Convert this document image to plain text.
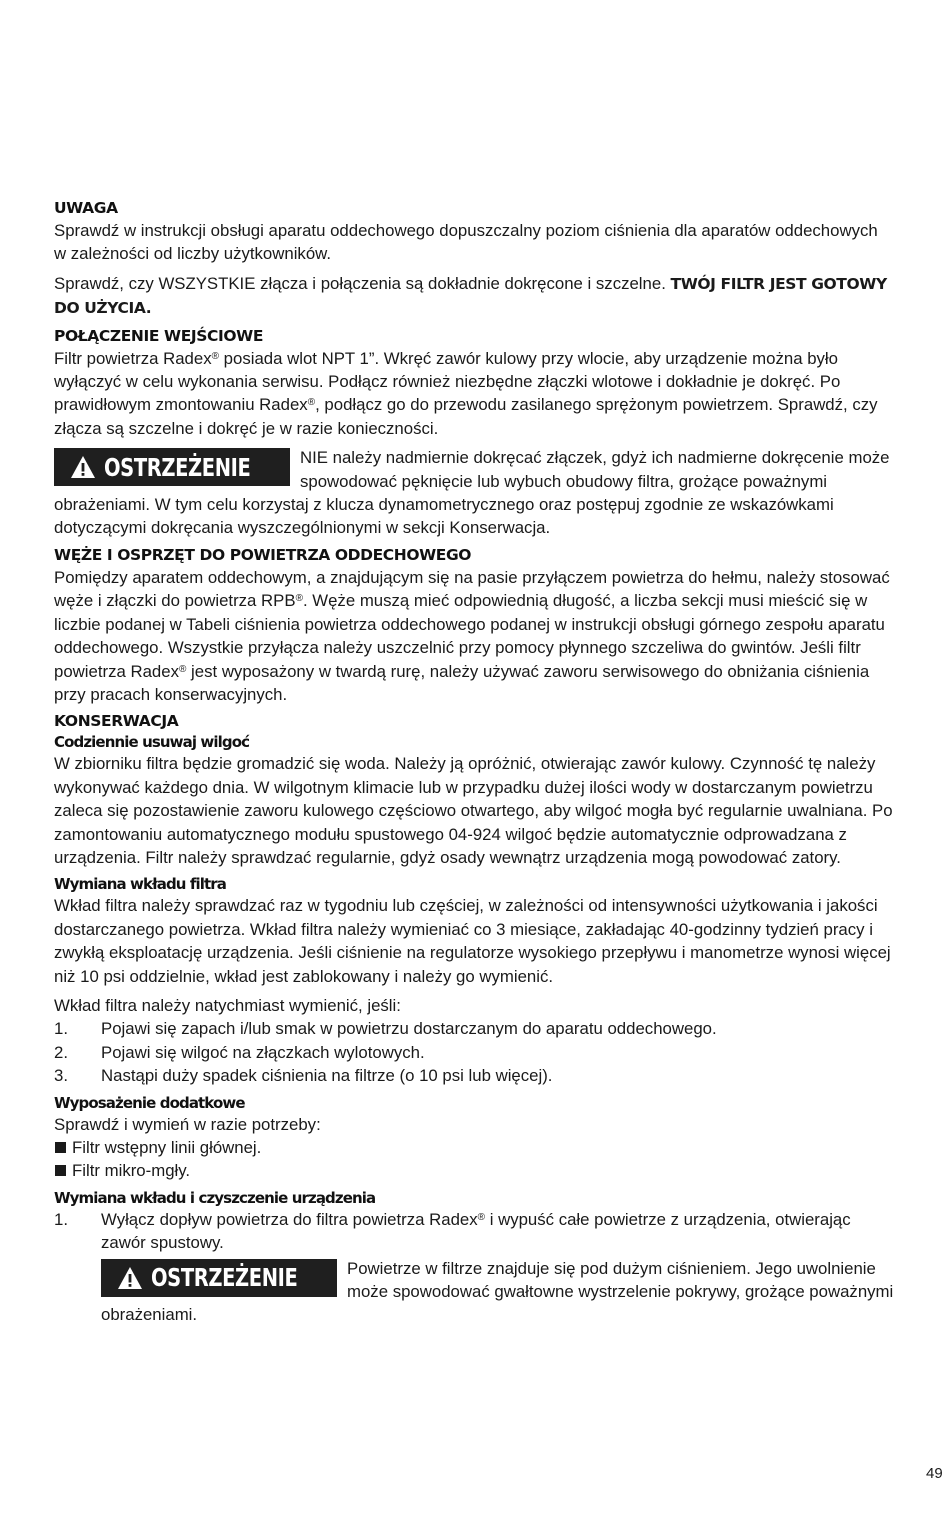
UWAGA

Sprawdź w instrukcji obsługi aparatu oddechowego dopuszczalny poziom ciśnienia dla aparatów oddechowych w zależności od liczby użytkowników.

Sprawdź, czy WSZYSTKIE złącza i połączenia są dokładnie dokręcone i szczelne. TWÓJ FILTR JEST GOTOWY DO UŻYCIA.

POŁĄCZENIE WEJŚCIOWE

Filtr powietrza Radex® posiada wlot NPT 1”. Wkręć zawór kulowy przy wlocie, aby urządzenie można było wyłączyć w celu wykonania serwisu. Podłącz również niezbędne złączki wlotowe i dokładnie je dokręć. Po prawidłowym zmontowaniu Radex®, podłącz go do przewodu zasilanego sprężonym powietrzem. Sprawdź, czy złącza są szczelne i dokręć je w razie konieczności.

OSTRZEŻENIE	NIE należy nadmiernie dokręcać złączek, gdyż ich nadmierne dokręcenie może spowodować pęknięcie lub wybuch obudowy filtra, grożące poważnymi obrażeniami. W tym celu korzystaj z klucza dynamometrycznego oraz postępuj zgodnie ze wskazówkami dotyczącymi dokręcania wyszczególnionymi w sekcji Konserwacja.

WĘŻE I OSPRZĘT DO POWIETRZA ODDECHOWEGO

Pomiędzy aparatem oddechowym, a znajdującym się na pasie przyłączem powietrza do hełmu, należy stosować węże i złączki do powietrza RPB®. Węże muszą mieć odpowiednią długość, a liczba sekcji musi mieścić się w liczbie podanej w Tabeli ciśnienia powietrza oddechowego podanej w instrukcji obsługi górnego zespołu aparatu oddechowego. Wszystkie przyłącza należy uszczelnić przy pomocy płynnego szczeliwa do gwintów. Jeśli filtr powietrza Radex® jest wyposażony w twardą rurę, należy używać zaworu serwisowego do obniżania ciśnienia przy pracach konserwacyjnych.

KONSERWACJA
Codziennie usuwaj wilgoć

W zbiorniku filtra będzie gromadzić się woda. Należy ją opróżnić, otwierając zawór kulowy. Czynność tę należy wykonywać każdego dnia. W wilgotnym klimacie lub w przypadku dużej ilości wody w dostarczanym powietrzu zaleca się pozostawienie zaworu kulowego częściowo otwartego, aby wilgoć mogła być regularnie uwalniana. Po zamontowaniu automatycznego modułu spustowego 04-924 wilgoć będzie automatycznie odprowadzana z urządzenia. Filtr należy sprawdzać regularnie, gdyż osady wewnątrz urządzenia mogą powodować zatory.

Wymiana wkładu filtra

Wkład filtra należy sprawdzać raz w tygodniu lub częściej, w zależności od intensywności użytkowania i jakości dostarczanego powietrza. Wkład filtra należy wymieniać co 3 miesiące, zakładając 40-godzinny tydzień pracy i zwykłą eksploatację urządzenia. Jeśli ciśnienie na regulatorze wysokiego przepływu i manometrze wynosi więcej niż 10 psi oddzielnie, wkład jest zablokowany i należy go wymienić.

Wkład filtra należy natychmiast wymienić, jeśli:

1.	Pojawi się zapach i/lub smak w powietrzu dostarczanym do aparatu oddechowego.
2.	Pojawi się wilgoć na złączkach wylotowych.
3.	Nastąpi duży spadek ciśnienia na filtrze (o 10 psi lub więcej).
Wyposażenie dodatkowe

Sprawdź i wymień w razie potrzeby:

Filtr wstępny linii głównej.
Filtr mikro-mgły.
Wymiana wkładu i czyszczenie urządzenia
1.	Wyłącz dopływ powietrza do filtra powietrza Radex® i wypuść całe powietrze z urządzenia, otwierając zawór spustowy.
OSTRZEŻENIE	Powietrze w filtrze znajduje się pod dużym ciśnieniem. Jego uwolnienie może spowodować gwałtowne wystrzelenie pokrywy, grożące poważnymi obrażeniami.

49
